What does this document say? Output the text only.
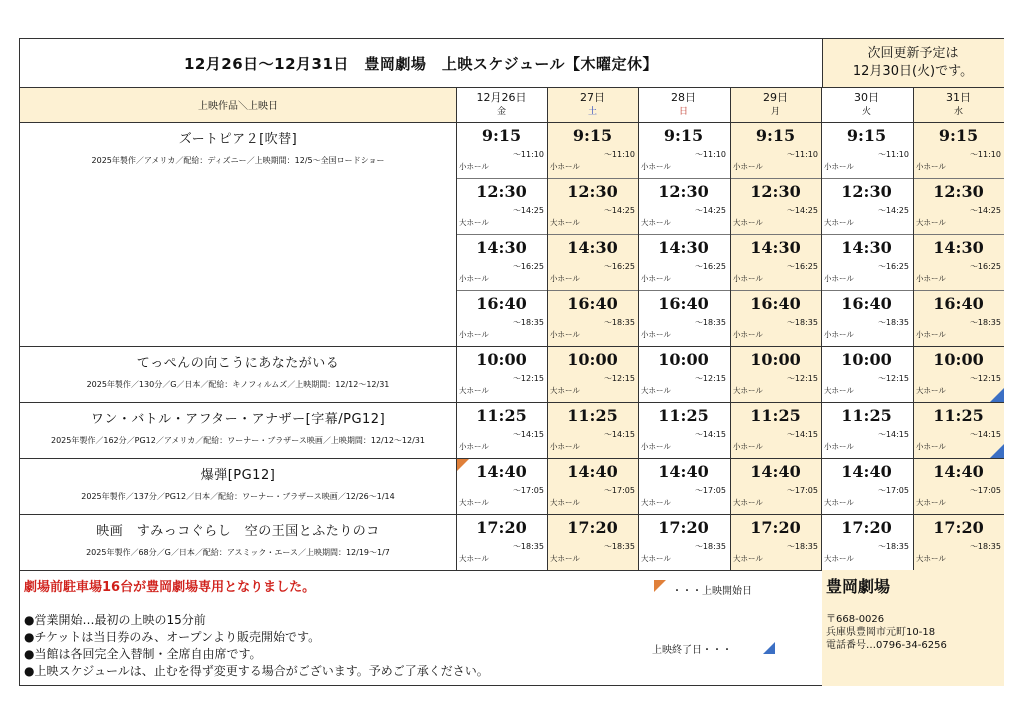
12月26日～12月31日　豊岡劇場　上映スケジュール【木曜定休】
次回更新予定は
12月30日(火)です。
上映作品＼上映日
12月26日
金
27日
土
28日
日
29日
月
30日
火
31日
水
ズートピア２[吹替]
2025年製作／アメリカ／配給：ディズニー／上映期間：12/5～全国ロードショー
9:15
～11:10
小ホール
9:15
～11:10
小ホール
9:15
～11:10
小ホール
9:15
～11:10
小ホール
9:15
～11:10
小ホール
9:15
～11:10
小ホール
12:30
～14:25
大ホール
12:30
～14:25
大ホール
12:30
～14:25
大ホール
12:30
～14:25
大ホール
12:30
～14:25
大ホール
12:30
～14:25
大ホール
14:30
～16:25
小ホール
14:30
～16:25
小ホール
14:30
～16:25
小ホール
14:30
～16:25
小ホール
14:30
～16:25
小ホール
14:30
～16:25
小ホール
16:40
～18:35
小ホール
16:40
～18:35
小ホール
16:40
～18:35
小ホール
16:40
～18:35
小ホール
16:40
～18:35
小ホール
16:40
～18:35
小ホール
てっぺんの向こうにあなたがいる
2025年製作／130分／G／日本／配給：キノフィルムズ／上映期間：12/12～12/31
10:00
～12:15
大ホール
10:00
～12:15
大ホール
10:00
～12:15
大ホール
10:00
～12:15
大ホール
10:00
～12:15
大ホール
10:00
～12:15
大ホール
ワン・バトル・アフター・アナザー[字幕/PG12]
2025年製作／162分／PG12／アメリカ／配給：ワーナー・ブラザース映画／上映期間：12/12～12/31
11:25
～14:15
小ホール
11:25
～14:15
小ホール
11:25
～14:15
小ホール
11:25
～14:15
小ホール
11:25
～14:15
小ホール
11:25
～14:15
小ホール
爆弾[PG12]
2025年製作／137分／PG12／日本／配給：ワーナー・ブラザース映画／12/26～1/14
14:40
～17:05
大ホール
14:40
～17:05
大ホール
14:40
～17:05
大ホール
14:40
～17:05
大ホール
14:40
～17:05
大ホール
14:40
～17:05
大ホール
映画　すみっコぐらし　空の王国とふたりのコ
2025年製作／68分／G／日本／配給：アスミック・エース／上映期間：12/19～1/7
17:20
～18:35
大ホール
17:20
～18:35
大ホール
17:20
～18:35
大ホール
17:20
～18:35
大ホール
17:20
～18:35
大ホール
17:20
～18:35
大ホール
劇場前駐車場16台が豊岡劇場専用となりました。
●営業開始…最初の上映の15分前
●チケットは当日券のみ、オープンより販売開始です。
●当館は各回完全入替制・全席自由席です。
●上映スケジュールは、止むを得ず変更する場合がございます。予めご了承ください。
・・・上映開始日
上映終了日・・・
豊岡劇場
〒668-0026
兵庫県豊岡市元町10-18
電話番号…0796-34-6256
